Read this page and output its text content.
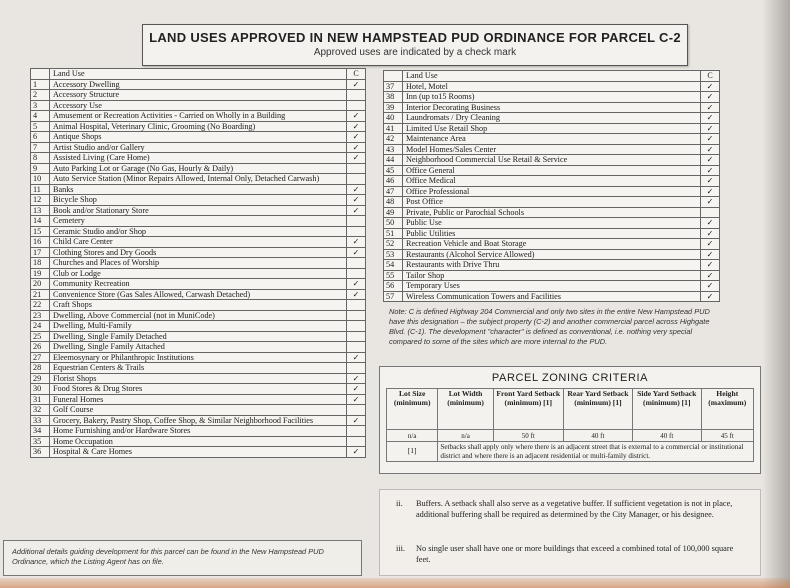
LAND USES APPROVED IN NEW HAMPSTEAD PUD ORDINANCE FOR PARCEL C-2
Approved uses are indicated by a check mark
	Land Use	C
1	Accessory Dwelling	✓
2	Accessory Structure	
3	Accessory Use	
4	Amusement or Recreation Activities - Carried on Wholly in a Building	✓
5	Animal Hospital, Veterinary Clinic, Grooming (No Boarding)	✓
6	Antique Shops	✓
7	Artist Studio and/or Gallery	✓
8	Assisted Living (Care Home)	✓
9	Auto Parking Lot or Garage (No Gas, Hourly & Daily)	
10	Auto Service Station (Minor Repairs Allowed, Internal Only, Detached Carwash)	
11	Banks	✓
12	Bicycle Shop	✓
13	Book and/or Stationary Store	✓
14	Cemetery	
15	Ceramic Studio and/or Shop	
16	Child Care Center	✓
17	Clothing Stores and Dry Goods	✓
18	Churches and Places of Worship	
19	Club or Lodge	
20	Community Recreation	✓
21	Convenience Store (Gas Sales Allowed, Carwash Detached)	✓
22	Craft Shops	
23	Dwelling, Above Commercial (not in MuniCode)	
24	Dwelling, Multi-Family	
25	Dwelling, Single Family Detached	
26	Dwelling, Single Family Attached	
27	Eleemosynary or Philanthropic Institutions	✓
28	Equestrian Centers & Trails	
29	Florist Shops	✓
30	Food Stores & Drug Stores	✓
31	Funeral Homes	✓
32	Golf Course	
33	Grocery, Bakery, Pastry Shop, Coffee Shop, & Similar Neighborhood Facilities	✓
34	Home Furnishing and/or Hardware Stores	
35	Home Occupation	
36	Hospital & Care Homes	✓
	Land Use	C
37	Hotel, Motel	✓
38	Inn (up to15 Rooms)	✓
39	Interior Decorating Business	✓
40	Laundromats / Dry Cleaning	✓
41	Limited Use Retail Shop	✓
42	Maintenance Area	✓
43	Model Homes/Sales Center	✓
44	Neighborhood Commercial Use Retail & Service	✓
45	Office General	✓
46	Office Medical	✓
47	Office Professional	✓
48	Post Office	✓
49	Private, Public or Parochial Schools	
50	Public Use	✓
51	Public Utilities	✓
52	Recreation Vehicle and Boat Storage	✓
53	Restaurants (Alcohol Service Allowed)	✓
54	Restaurants with Drive Thru	✓
55	Tailor Shop	✓
56	Temporary Uses	✓
57	Wireless Communication Towers and Facilities	✓
Note: C is defined Highway 204 Commercial and only two sites in the entire New Hampstead PUD have this designation – the subject property (C-2) and another commercial parcel across Highgate Blvd. (C-1). The development "character" is defined as conventional, i.e. nothing very special compared to some of the sites which are more internal to the PUD.
PARCEL ZONING CRITERIA
Lot Size (minimum)	Lot Width (minimum)	Front Yard Setback (minimum) [1]	Rear Yard Setback (minimum) [1]	Side Yard Setback (minimum) [1]	Height (maximum)
n/a	n/a	50 ft	40 ft	40 ft	45 ft
[1]	Setbacks shall apply only where there is an adjacent street that is external to a commercial or institutional district and where there is an adjacent residential or multi-family district.				
ii. Buffers. A setback shall also serve as a vegetative buffer. If sufficient vegetation is not in place, additional buffering shall be required as determined by the City Manager, or his designee.
iii. No single user shall have one or more buildings that exceed a combined total of 100,000 square feet.
Additional details guiding development for this parcel can be found in the New Hampstead PUD Ordinance, which the Listing Agent has on file.
